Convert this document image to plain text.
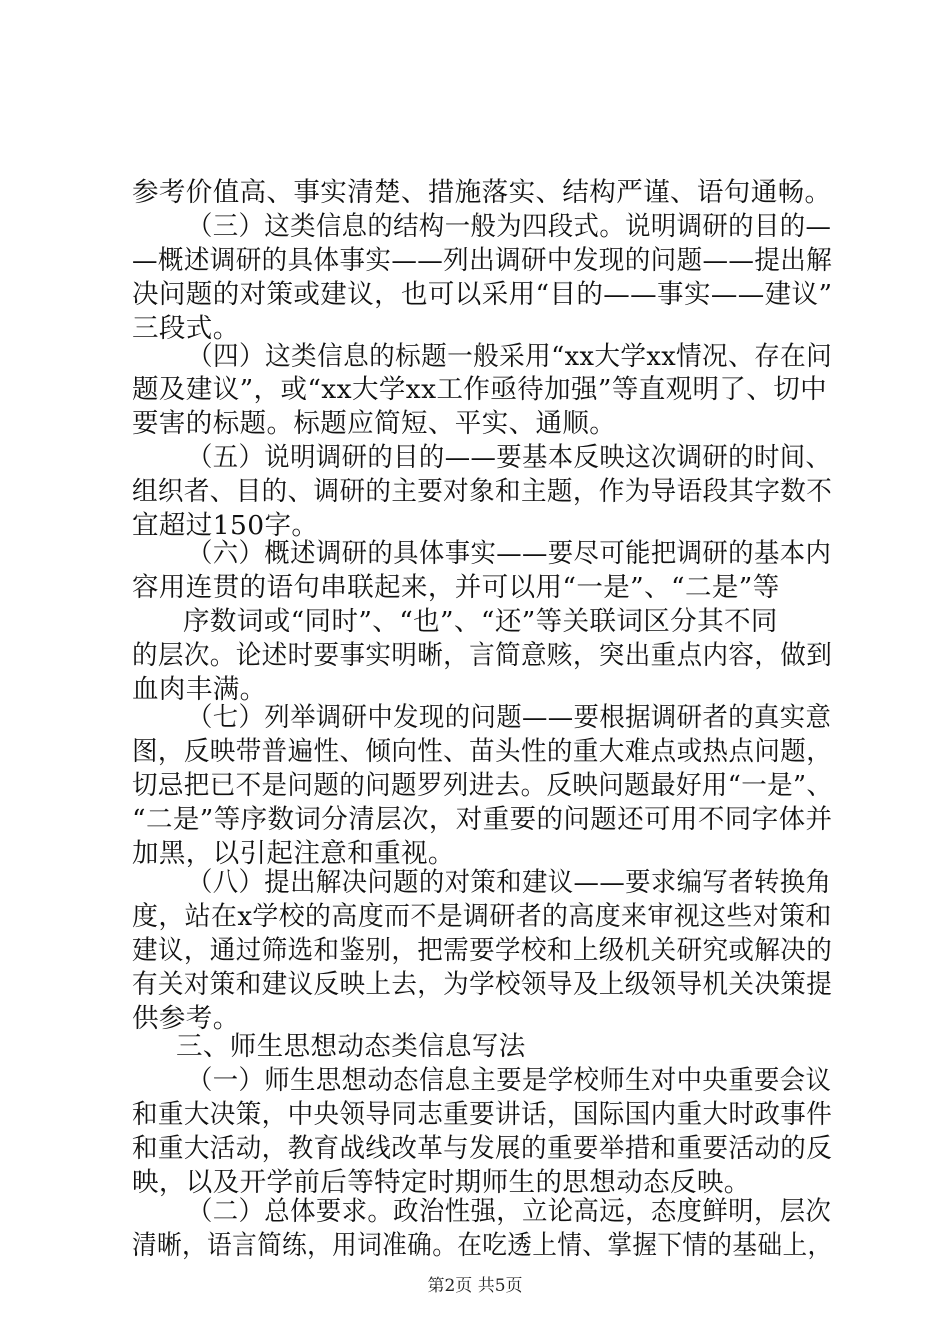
参考价值高、事实清楚、措施落实、结构严谨、语句通畅。
（三）这类信息的结构一般为四段式。说明调研的目的—
—概述调研的具体事实——列出调研中发现的问题——提出解
决问题的对策或建议，也可以采用“目的——事实——建议”
三段式。
（四）这类信息的标题一般采用“xx大学xx情况、存在问
题及建议”，或“xx大学xx工作亟待加强”等直观明了、切中
要害的标题。标题应简短、平实、通顺。
（五）说明调研的目的——要基本反映这次调研的时间、
组织者、目的、调研的主要对象和主题，作为导语段其字数不
宜超过150字。
（六）概述调研的具体事实——要尽可能把调研的基本内
容用连贯的语句串联起来，并可以用“一是”、“二是”等
序数词或“同时”、“也”、“还”等关联词区分其不同
的层次。论述时要事实明晰，言简意赅，突出重点内容，做到
血肉丰满。
（七）列举调研中发现的问题——要根据调研者的真实意
图，反映带普遍性、倾向性、苗头性的重大难点或热点问题，
切忌把已不是问题的问题罗列进去。反映问题最好用“一是”、
“二是”等序数词分清层次，对重要的问题还可用不同字体并
加黑，以引起注意和重视。
（八）提出解决问题的对策和建议——要求编写者转换角
度，站在x学校的高度而不是调研者的高度来审视这些对策和
建议，通过筛选和鉴别，把需要学校和上级机关研究或解决的
有关对策和建议反映上去，为学校领导及上级领导机关决策提
供参考。
三、师生思想动态类信息写法
（一）师生思想动态信息主要是学校师生对中央重要会议
和重大决策，中央领导同志重要讲话，国际国内重大时政事件
和重大活动，教育战线改革与发展的重要举措和重要活动的反
映，以及开学前后等特定时期师生的思想动态反映。
（二）总体要求。政治性强，立论高远，态度鲜明，层次
清晰，语言简练，用词准确。在吃透上情、掌握下情的基础上，
第2页 共5页
